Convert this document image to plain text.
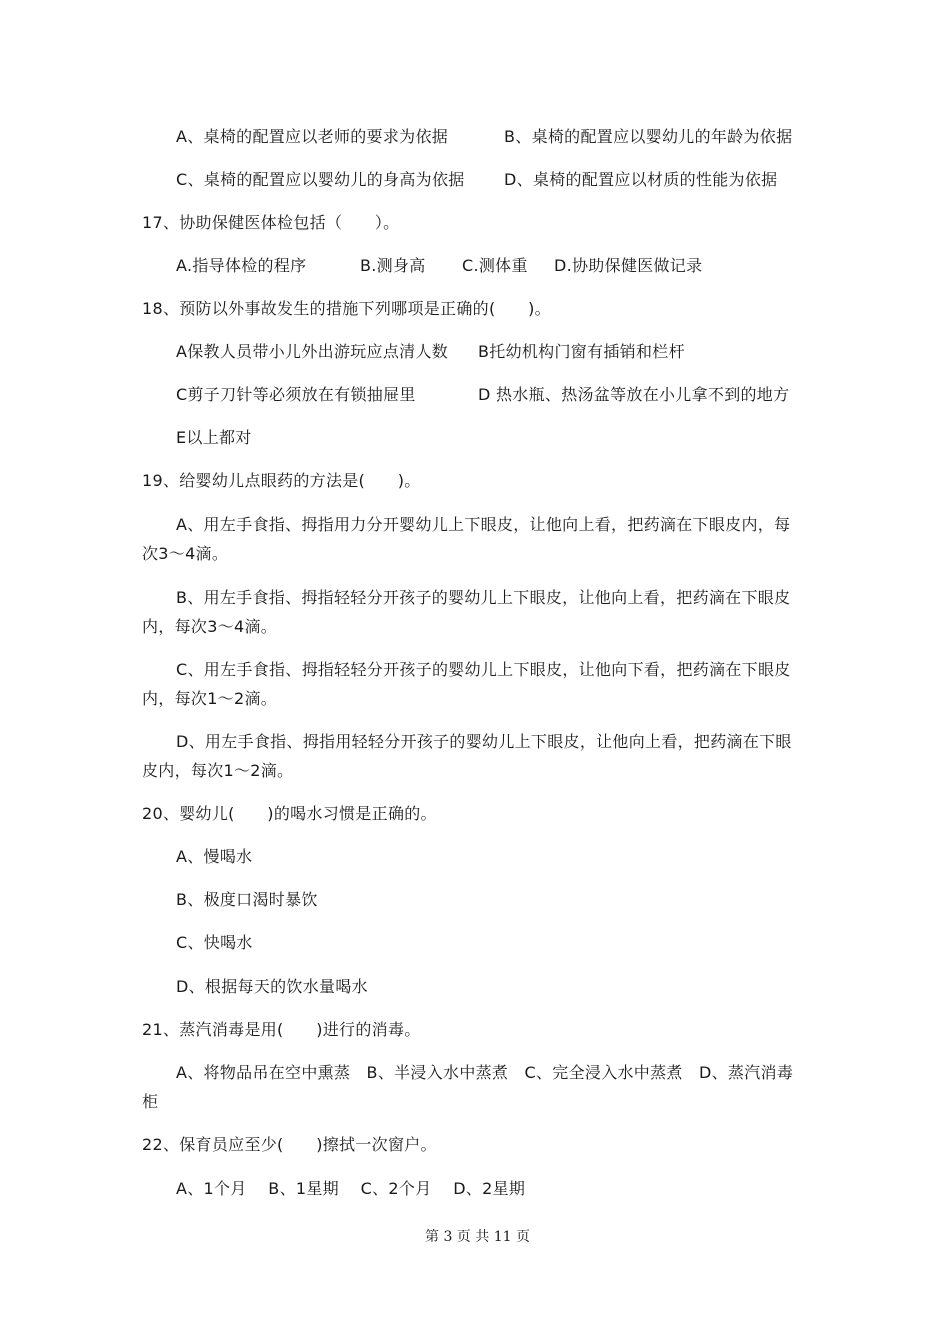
A、桌椅的配置应以老师的要求为依据	B、桌椅的配置应以婴幼儿的年龄为依据
C、桌椅的配置应以婴幼儿的身高为依据 D、桌椅的配置应以材质的性能为依据
17、协助保健医体检包括（　　）。
A.指导体检的程序	B.测身高 C.测体重 D.协助保健医做记录
18、预防以外事故发生的措施下列哪项是正确的(　　)。
A保教人员带小儿外出游玩应点清人数 B托幼机构门窗有插销和栏杆
C剪子刀针等必须放在有锁抽屉里	D 热水瓶、热汤盆等放在小儿拿不到的地方
E以上都对
19、给婴幼儿点眼药的方法是(　　)。
A、用左手食指、拇指用力分开婴幼儿上下眼皮，让他向上看，把药滴在下眼皮内，每
次3～4滴。
B、用左手食指、拇指轻轻分开孩子的婴幼儿上下眼皮，让他向上看，把药滴在下眼皮
内，每次3～4滴。
C、用左手食指、拇指轻轻分开孩子的婴幼儿上下眼皮，让他向下看，把药滴在下眼皮
内，每次1～2滴。
D、用左手食指、拇指用轻轻分开孩子的婴幼儿上下眼皮，让他向上看，把药滴在下眼
皮内，每次1～2滴。
20、婴幼儿(　　)的喝水习惯是正确的。
A、慢喝水
B、极度口渴时暴饮
C、快喝水
D、根据每天的饮水量喝水
21、蒸汽消毒是用(　　)进行的消毒。
A、将物品吊在空中熏蒸　B、半浸入水中蒸煮　C、完全浸入水中蒸煮　D、蒸汽消毒
柜
22、保育员应至少(　　)擦拭一次窗户。
A、1个月　 B、1星期　 C、2个月　 D、2星期
第 3 页 共 11 页
